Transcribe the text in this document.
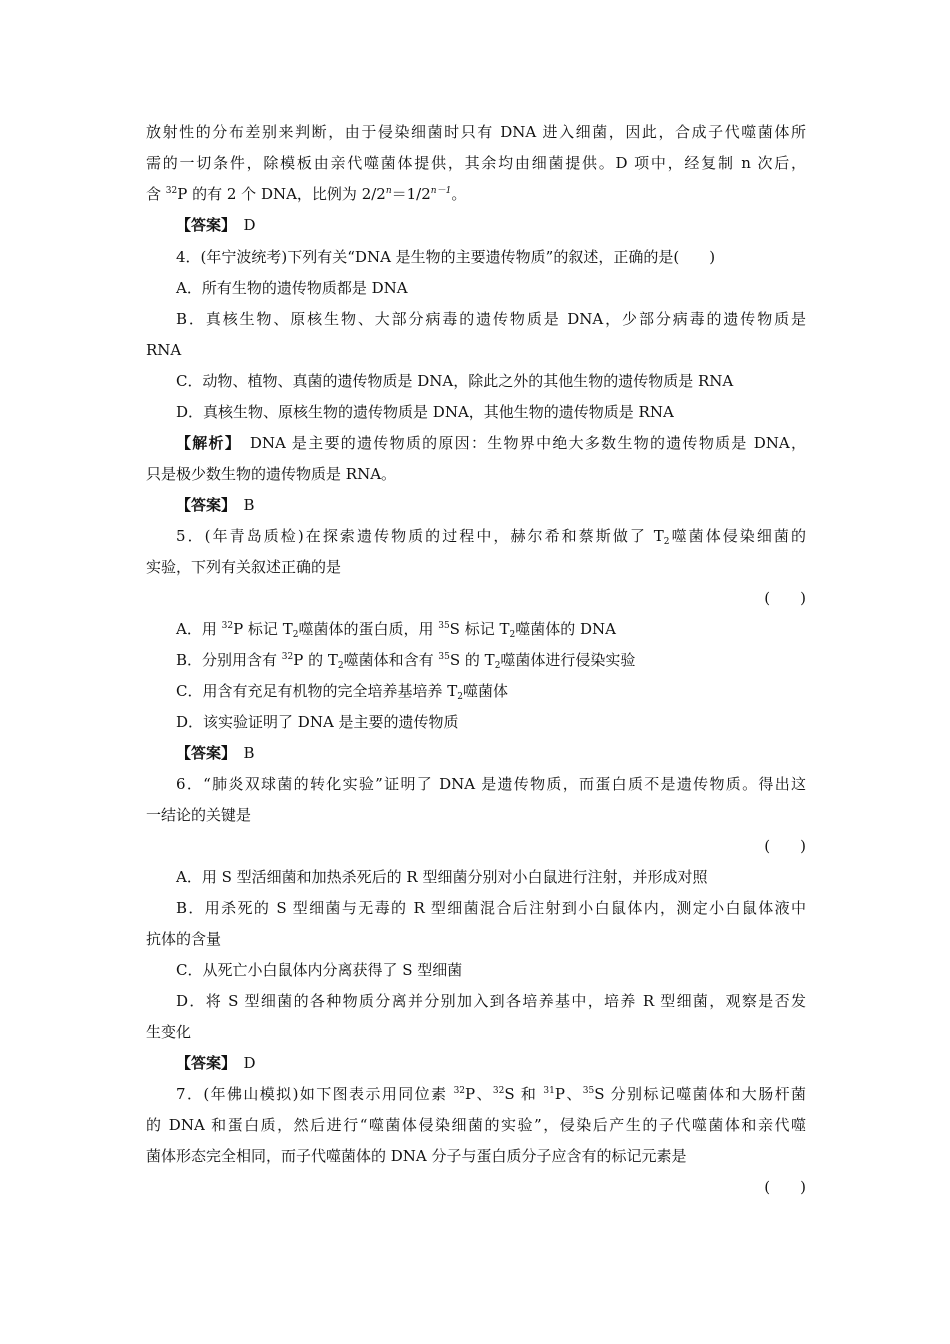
放射性的分布差别来判断，由于侵染细菌时只有 DNA 进入细菌，因此，合成子代噬菌体所
需的一切条件，除模板由亲代噬菌体提供，其余均由细菌提供。D 项中，经复制 n 次后，
含 $^{32}$P 的有 2 个 DNA，比例为 $2/2^n=1/2^{n-1}$。
【答案】　 D
4．(年宁波统考)下列有关“DNA 是生物的主要遗传物质”的叙述，正确的是(　　)
A．所有生物的遗传物质都是 DNA
B．真核生物、原核生物、大部分病毒的遗传物质是 DNA，少部分病毒的遗传物质是
RNA
C．动物、植物、真菌的遗传物质是 DNA，除此之外的其他生物的遗传物质是 RNA
D．真核生物、原核生物的遗传物质是 DNA，其他生物的遗传物质是 RNA
【解析】　 DNA 是主要的遗传物质的原因：生物界中绝大多数生物的遗传物质是 DNA，
只是极少数生物的遗传物质是 RNA。
【答案】　 B
5．(年青岛质检)在探索遗传物质的过程中，赫尔希和蔡斯做了 $T_2$噬菌体侵染细菌的
实验，下列有关叙述正确的是
(　　)
A．用 $^{32}$P 标记 $T_2$噬菌体的蛋白质，用 $^{35}$S 标记 $T_2$噬菌体的 DNA
B．分别用含有 $^{32}$P 的 $T_2$噬菌体和含有 $^{35}$S 的 $T_2$噬菌体进行侵染实验
C．用含有充足有机物的完全培养基培养 $T_2$噬菌体
D．该实验证明了 DNA 是主要的遗传物质
【答案】　 B
6．“肺炎双球菌的转化实验”证明了 DNA 是遗传物质，而蛋白质不是遗传物质。得出这
一结论的关键是
(　　)
A．用 S 型活细菌和加热杀死后的 R 型细菌分别对小白鼠进行注射，并形成对照
B．用杀死的 S 型细菌与无毒的 R 型细菌混合后注射到小白鼠体内，测定小白鼠体液中
抗体的含量
C．从死亡小白鼠体内分离获得了 S 型细菌
D．将 S 型细菌的各种物质分离并分别加入到各培养基中，培养 R 型细菌，观察是否发
生变化
【答案】　 D
7．(年佛山模拟)如下图表示用同位素 $^{32}$P、$^{32}$S 和 $^{31}$P、$^{35}$S 分别标记噬菌体和大肠杆菌
的 DNA 和蛋白质，然后进行“噬菌体侵染细菌的实验”，侵染后产生的子代噬菌体和亲代噬
菌体形态完全相同，而子代噬菌体的 DNA 分子与蛋白质分子应含有的标记元素是
(　　)
